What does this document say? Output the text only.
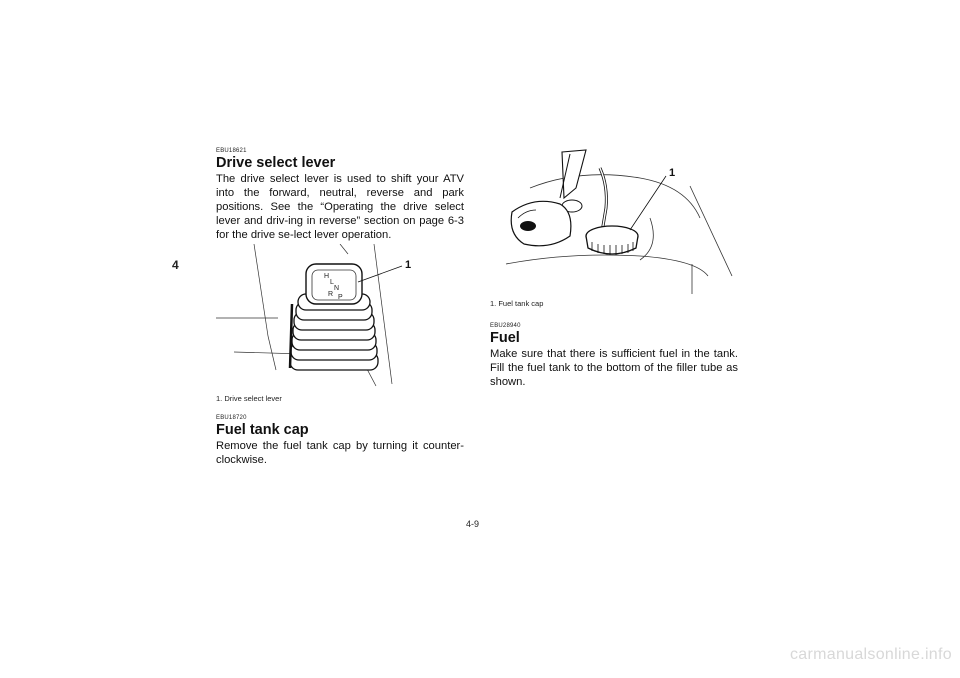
4
EBU18621
Drive select lever

The drive select lever is used to shift your ATV into the forward, neutral, reverse and park positions. See the “Operating the drive select lever and driv-ing in reverse” section on page 6-3 for the drive se-lect lever operation.

H
L
N
R P
1
1. Drive select lever
EBU18720
Fuel tank cap

Remove the fuel tank cap by turning it counter-clockwise.

1
1. Fuel tank cap
EBU28940
Fuel

Make sure that there is sufficient fuel in the tank. Fill the fuel tank to the bottom of the filler tube as shown.

4-9
carmanualsonline.info
